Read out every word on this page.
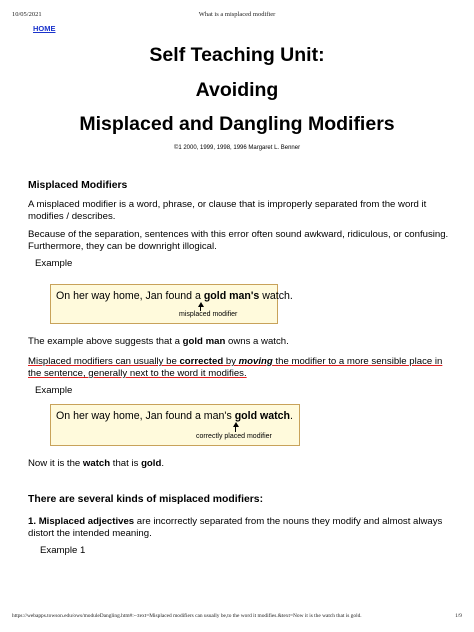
10/05/2021	What is a misplaced modifier
HOME
Self Teaching Unit:
Avoiding
Misplaced and Dangling Modifiers
©1 2000, 1999, 1998, 1996 Margaret L. Benner
Misplaced Modifiers
A misplaced modifier is a word, phrase, or clause that is improperly separated from the word it modifies / describes.
Because of the separation, sentences with this error often sound awkward, ridiculous, or confusing. Furthermore, they can be downright illogical.
Example
On her way home, Jan found a gold man's watch.
misplaced modifier
The example above suggests that a gold man owns a watch.
Misplaced modifiers can usually be corrected by moving the modifier to a more sensible place in the sentence, generally next to the word it modifies.
Example
On her way home, Jan found a man's gold watch.
correctly placed modifier
Now it is the watch that is gold.
There are several kinds of misplaced modifiers:
1. Misplaced adjectives are incorrectly separated from the nouns they modify and almost always distort the intended meaning.
Example 1
https://webapps.towson.edu/ows/moduleDangling.htm#:~:text=Misplaced modifiers can usually be,to the word it modifies.&text=Now it is the watch that is gold.	1/9
